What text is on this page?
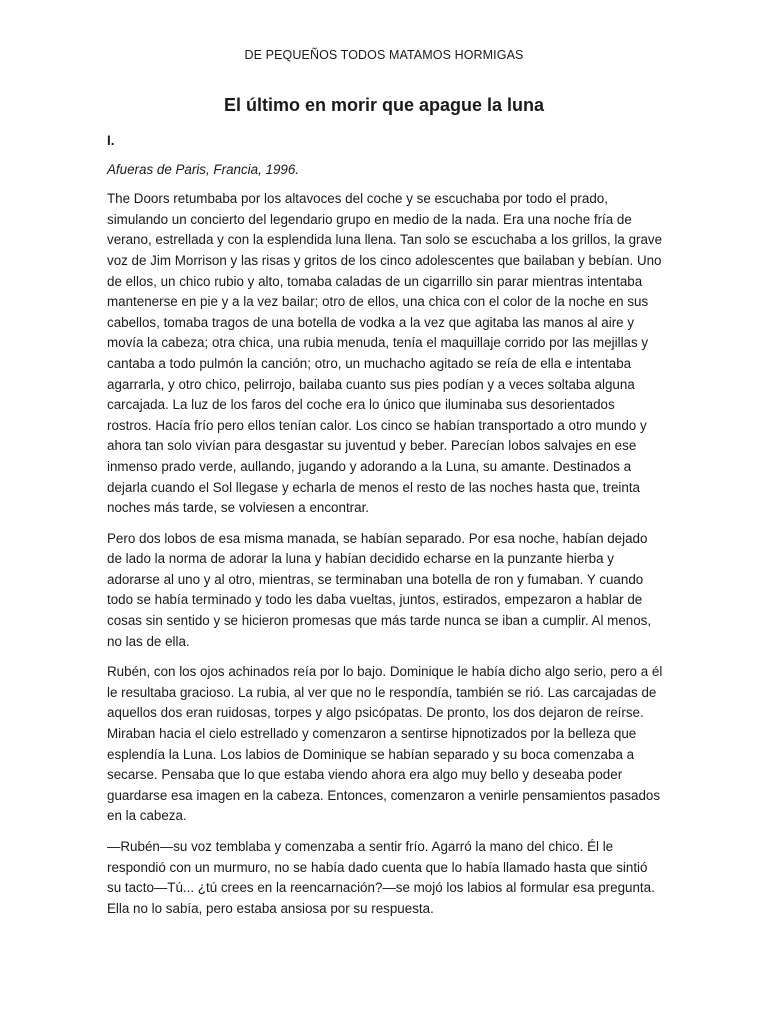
DE PEQUEÑOS TODOS MATAMOS HORMIGAS
El último en morir que apague la luna

I.

Afueras de Paris, Francia, 1996.

The Doors retumbaba por los altavoces del coche y se escuchaba por todo el prado, simulando un concierto del legendario grupo en medio de la nada. Era una noche fría de verano, estrellada y con la esplendida luna llena. Tan solo se escuchaba a los grillos, la grave voz de Jim Morrison y las risas y gritos de los cinco adolescentes que bailaban y bebían. Uno de ellos, un chico rubio y alto, tomaba caladas de un cigarrillo sin parar mientras intentaba mantenerse en pie y a la vez bailar; otro de ellos, una chica con el color de la noche en sus cabellos, tomaba tragos de una botella de vodka a la vez que agitaba las manos al aire y movía la cabeza; otra chica, una rubia menuda, tenía el maquillaje corrido por las mejillas y cantaba a todo pulmón la canción; otro, un muchacho agitado se reía de ella e intentaba agarrarla, y otro chico, pelirrojo, bailaba cuanto sus pies podían y a veces soltaba alguna carcajada. La luz de los faros del coche era lo único que iluminaba sus desorientados rostros. Hacía frío pero ellos tenían calor. Los cinco se habían transportado a otro mundo y ahora tan solo vivían para desgastar su juventud y beber. Parecían lobos salvajes en ese inmenso prado verde, aullando, jugando y adorando a la Luna, su amante. Destinados a dejarla cuando el Sol llegase y echarla de menos el resto de las noches hasta que, treinta noches más tarde, se volviesen a encontrar.

Pero dos lobos de esa misma manada, se habían separado. Por esa noche, habían dejado de lado la norma de adorar la luna y habían decidido echarse en la punzante hierba y adorarse al uno y al otro, mientras, se terminaban una botella de ron y fumaban. Y cuando todo se había terminado y todo les daba vueltas, juntos, estirados, empezaron a hablar de cosas sin sentido y se hicieron promesas que más tarde nunca se iban a cumplir. Al menos, no las de ella.

Rubén, con los ojos achinados reía por lo bajo. Dominique le había dicho algo serio, pero a él le resultaba gracioso. La rubia, al ver que no le respondía, también se rió. Las carcajadas de aquellos dos eran ruidosas, torpes y algo psicópatas. De pronto, los dos dejaron de reírse. Miraban hacia el cielo estrellado y comenzaron a sentirse hipnotizados por la belleza que esplendía la Luna. Los labios de Dominique se habían separado y su boca comenzaba a secarse. Pensaba que lo que estaba viendo ahora era algo muy bello y deseaba poder guardarse esa imagen en la cabeza. Entonces, comenzaron a venirle pensamientos pasados en la cabeza.

—Rubén—su voz temblaba y comenzaba a sentir frío. Agarró la mano del chico. Él le respondió con un murmuro, no se había dado cuenta que lo había llamado hasta que sintió su tacto—Tú... ¿tú crees en la reencarnación?—se mojó los labios al formular esa pregunta. Ella no lo sabía, pero estaba ansiosa por su respuesta.
